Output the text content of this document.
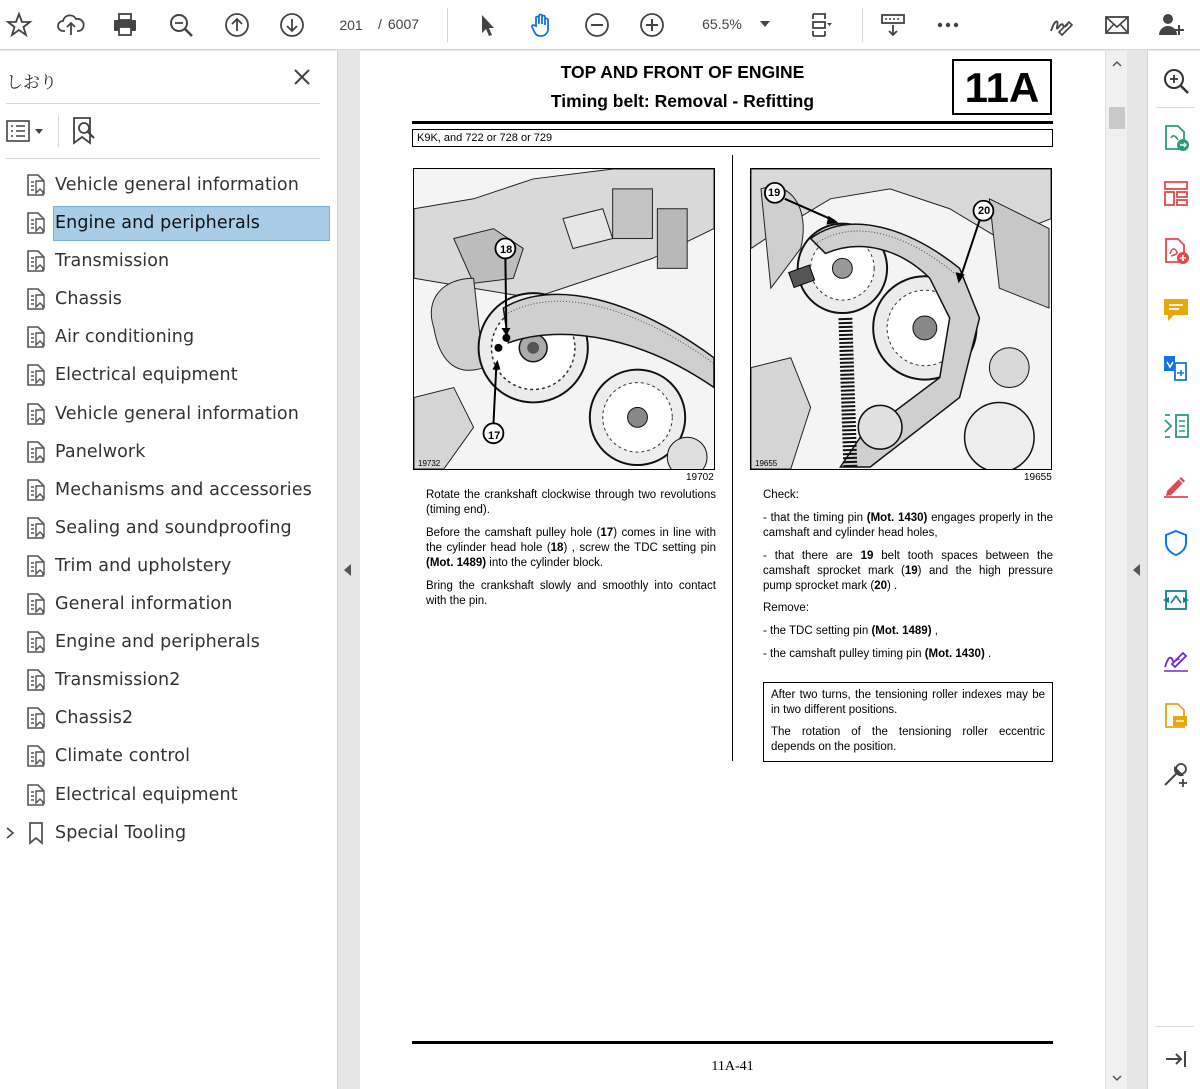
201	/ 6007	65.5%
しおり
Vehicle general information
Engine and peripherals
Transmission
Chassis
Air conditioning
Electrical equipment
Vehicle general information
Panelwork
Mechanisms and accessories
Sealing and soundproofing
Trim and upholstery
General information
Engine and peripherals
Transmission2
Chassis2
Climate control
Electrical equipment
Special Tooling
TOP AND FRONT OF ENGINE
Timing belt: Removal - Refitting	11A
K9K, and 722 or 728 or 729
19732
18
17
19702
19655
19
20
19655
Rotate the crankshaft clockwise through two revolutions (timing end).
Before the camshaft pulley hole (17) comes in line with the cylinder head hole (18) , screw the TDC setting pin (Mot. 1489) into the cylinder block.
Bring the crankshaft slowly and smoothly into contact with the pin.
Check:
- that the timing pin (Mot. 1430) engages properly in the camshaft and cylinder head holes,
- that there are 19 belt tooth spaces between the camshaft sprocket mark (19) and the high pressure pump sprocket mark (20) .
Remove:
- the TDC setting pin (Mot. 1489) ,
- the camshaft pulley timing pin (Mot. 1430) .
After two turns, the tensioning roller indexes may be in two different positions.
The rotation of the tensioning roller eccentric depends on the position.
11A-41
